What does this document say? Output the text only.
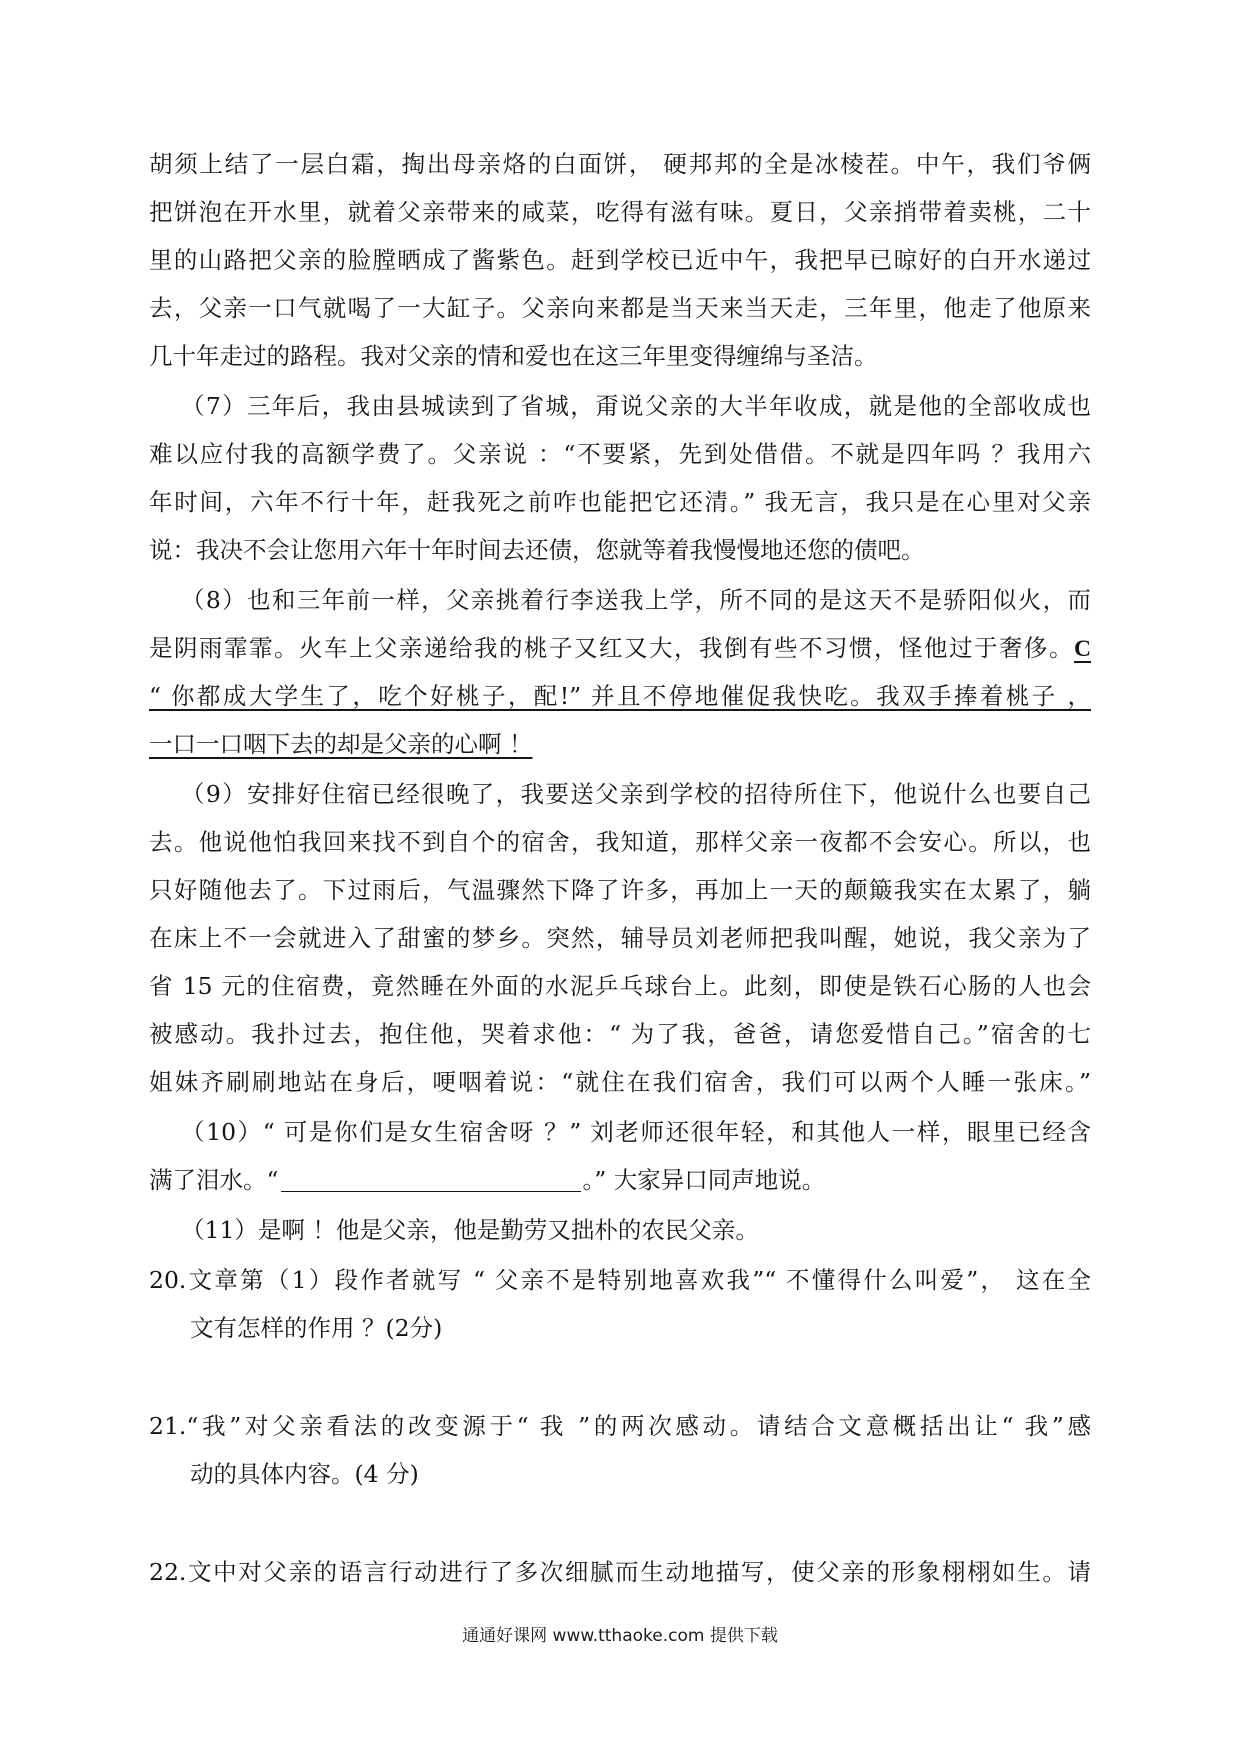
胡须上结了一层白霜，掏出母亲烙的白面饼， 硬邦邦的全是冰棱茬。中午，我们爷俩
把饼泡在开水里，就着父亲带来的咸菜，吃得有滋有味。夏日，父亲捎带着卖桃，二十
里的山路把父亲的脸膛晒成了酱紫色。赶到学校已近中午，我把早已晾好的白开水递过
去，父亲一口气就喝了一大缸子。父亲向来都是当天来当天走，三年里，他走了他原来
几十年走过的路程。我对父亲的情和爱也在这三年里变得缠绵与圣洁。
（7）三年后，我由县城读到了省城，甭说父亲的大半年收成，就是他的全部收成也
难以应付我的高额学费了。父亲说 ：“不要紧，先到处借借。不就是四年吗 ？我用六
年时间，六年不行十年，赶我死之前咋也能把它还清。” 我无言，我只是在心里对父亲
说：我决不会让您用六年十年时间去还债，您就等着我慢慢地还您的债吧。
（8）也和三年前一样，父亲挑着行李送我上学，所不同的是这天不是骄阳似火，而
是阴雨霏霏。火车上父亲递给我的桃子又红又大，我倒有些不习惯，怪他过于奢侈。C
“ 你都成大学生了，吃个好桃子，配!” 并且不停地催促我快吃。我双手捧着桃子 ，
一口一口咽下去的却是父亲的心啊 ！
（9）安排好住宿已经很晚了，我要送父亲到学校的招待所住下，他说什么也要自己
去。他说他怕我回来找不到自个的宿舍，我知道，那样父亲一夜都不会安心。所以，也
只好随他去了。下过雨后，气温骤然下降了许多，再加上一天的颠簸我实在太累了，躺
在床上不一会就进入了甜蜜的梦乡。突然，辅导员刘老师把我叫醒，她说，我父亲为了
省 15 元的住宿费，竟然睡在外面的水泥乒乓球台上。此刻，即使是铁石心肠的人也会
被感动。我扑过去，抱住他，哭着求他：“ 为了我，爸爸，请您爱惜自己。”宿舍的七
姐妹齐刷刷地站在身后，哽咽着说：“就住在我们宿舍，我们可以两个人睡一张床。”
（10）“ 可是你们是女生宿舍呀 ？” 刘老师还很年轻，和其他人一样，眼里已经含
满了泪水。“	。” 大家异口同声地说。
（11）是啊 ！他是父亲，他是勤劳又拙朴的农民父亲。
20.文章第（1）段作者就写 “ 父亲不是特别地喜欢我”“ 不懂得什么叫爱”， 这在全
文有怎样的作用 ？(2分)
21.“我”对父亲看法的改变源于“ 我 ”的两次感动。请结合文意概括出让“ 我”感
动的具体内容。(4 分)
22.文中对父亲的语言行动进行了多次细腻而生动地描写，使父亲的形象栩栩如生。请
通通好课网 www.tthaoke.com 提供下载
